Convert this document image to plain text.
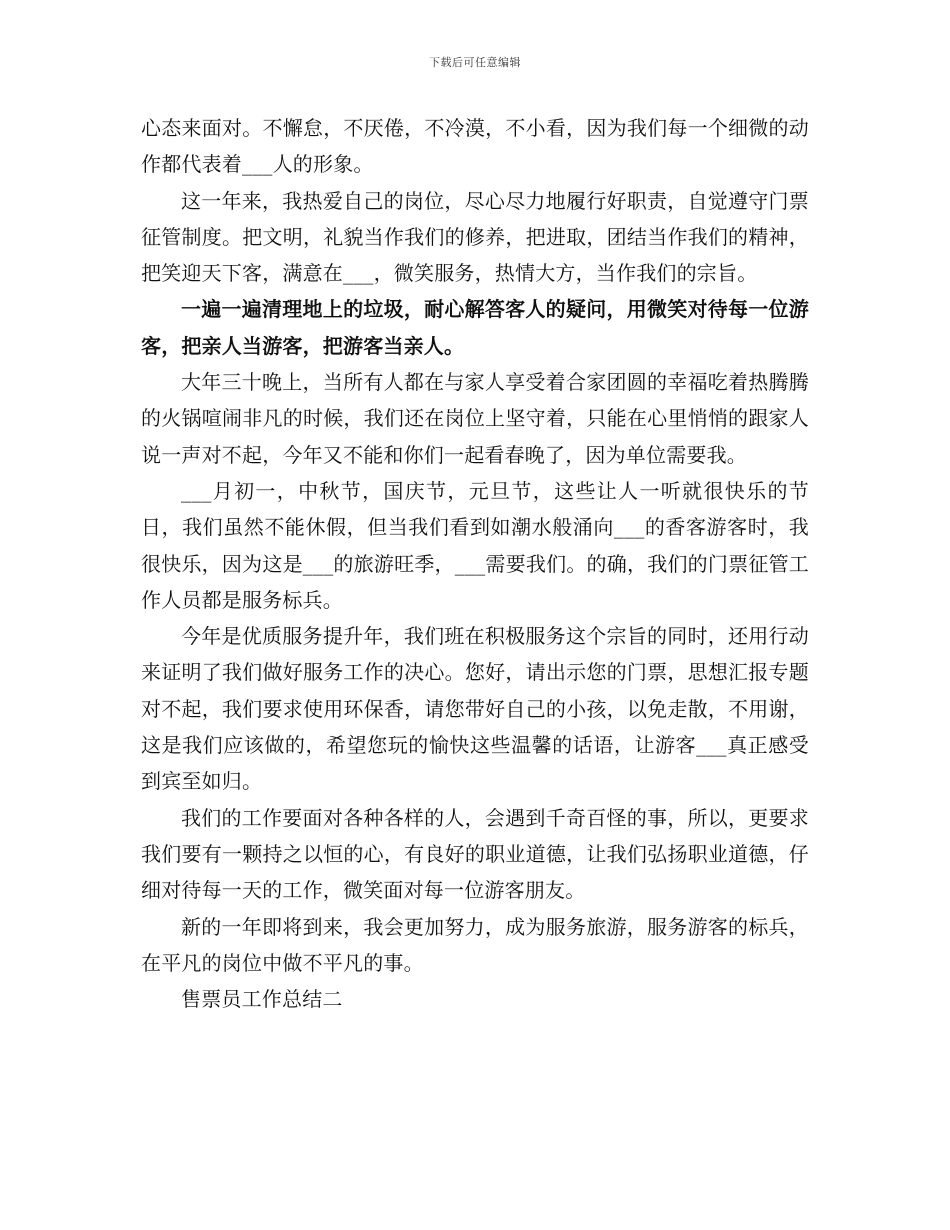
下载后可任意编辑

心态来面对。不懈怠，不厌倦，不冷漠，不小看，因为我们每一个细微的动作都代表着___人的形象。

这一年来，我热爱自己的岗位，尽心尽力地履行好职责，自觉遵守门票征管制度。把文明，礼貌当作我们的修养，把进取，团结当作我们的精神，把笑迎天下客，满意在___，微笑服务，热情大方，当作我们的宗旨。

一遍一遍清理地上的垃圾，耐心解答客人的疑问，用微笑对待每一位游客，把亲人当游客，把游客当亲人。

大年三十晚上，当所有人都在与家人享受着合家团圆的幸福吃着热腾腾的火锅喧闹非凡的时候，我们还在岗位上坚守着，只能在心里悄悄的跟家人说一声对不起，今年又不能和你们一起看春晚了，因为单位需要我。

___月初一，中秋节，国庆节，元旦节，这些让人一听就很快乐的节日，我们虽然不能休假，但当我们看到如潮水般涌向___的香客游客时，我很快乐，因为这是___的旅游旺季，___需要我们。的确，我们的门票征管工作人员都是服务标兵。

今年是优质服务提升年，我们班在积极服务这个宗旨的同时，还用行动来证明了我们做好服务工作的决心。您好，请出示您的门票，思想汇报专题对不起，我们要求使用环保香，请您带好自己的小孩，以免走散，不用谢，这是我们应该做的，希望您玩的愉快这些温馨的话语，让游客___真正感受到宾至如归。

我们的工作要面对各种各样的人，会遇到千奇百怪的事，所以，更要求我们要有一颗持之以恒的心，有良好的职业道德，让我们弘扬职业道德，仔细对待每一天的工作，微笑面对每一位游客朋友。

新的一年即将到来，我会更加努力，成为服务旅游，服务游客的标兵，在平凡的岗位中做不平凡的事。

售票员工作总结二
